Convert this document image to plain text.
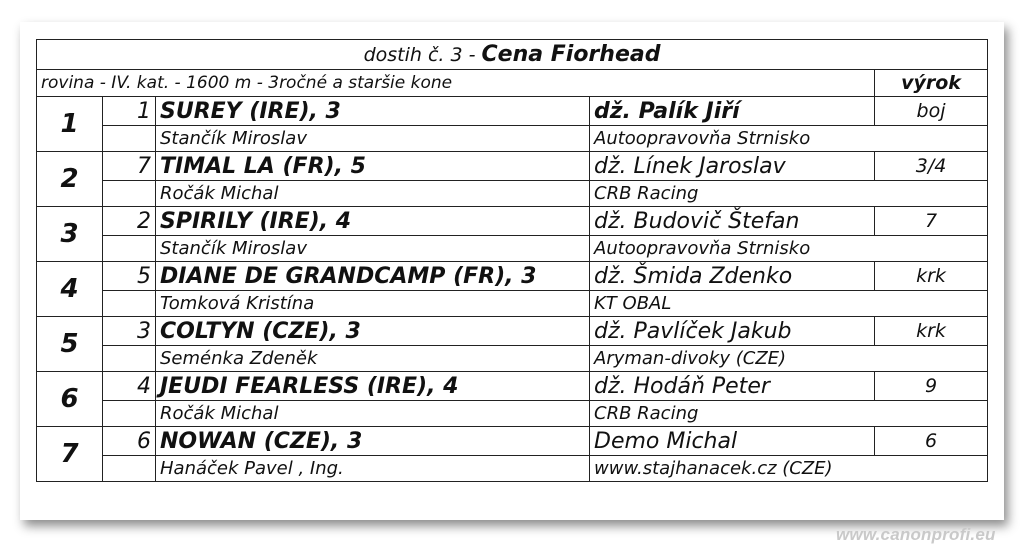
dostih č. 3 - Cena Fiorhead				
rovina - IV. kat. - 1600 m - 3ročné a staršie kone				výrok
1	1	SUREY (IRE), 3	dž. Palík Jiří	boj
		Stančík Miroslav	Autoopravovňa Strnisko	
2	7	TIMAL LA (FR), 5	dž. Línek Jaroslav	3/4
		Ročák Michal	CRB Racing	
3	2	SPIRILY (IRE), 4	dž. Budovič Štefan	7
		Stančík Miroslav	Autoopravovňa Strnisko	
4	5	DIANE DE GRANDCAMP (FR), 3	dž. Šmida Zdenko	krk
		Tomková Kristína	KT OBAL	
5	3	COLTYN (CZE), 3	dž. Pavlíček Jakub	krk
		Seménka Zdeněk	Aryman-divoky (CZE)	
6	4	JEUDI FEARLESS (IRE), 4	dž. Hodáň Peter	9
		Ročák Michal	CRB Racing	
7	6	NOWAN (CZE), 3	Demo Michal	6
		Hanáček Pavel , Ing.	www.stajhanacek.cz (CZE)	
www.canonprofi.eu
